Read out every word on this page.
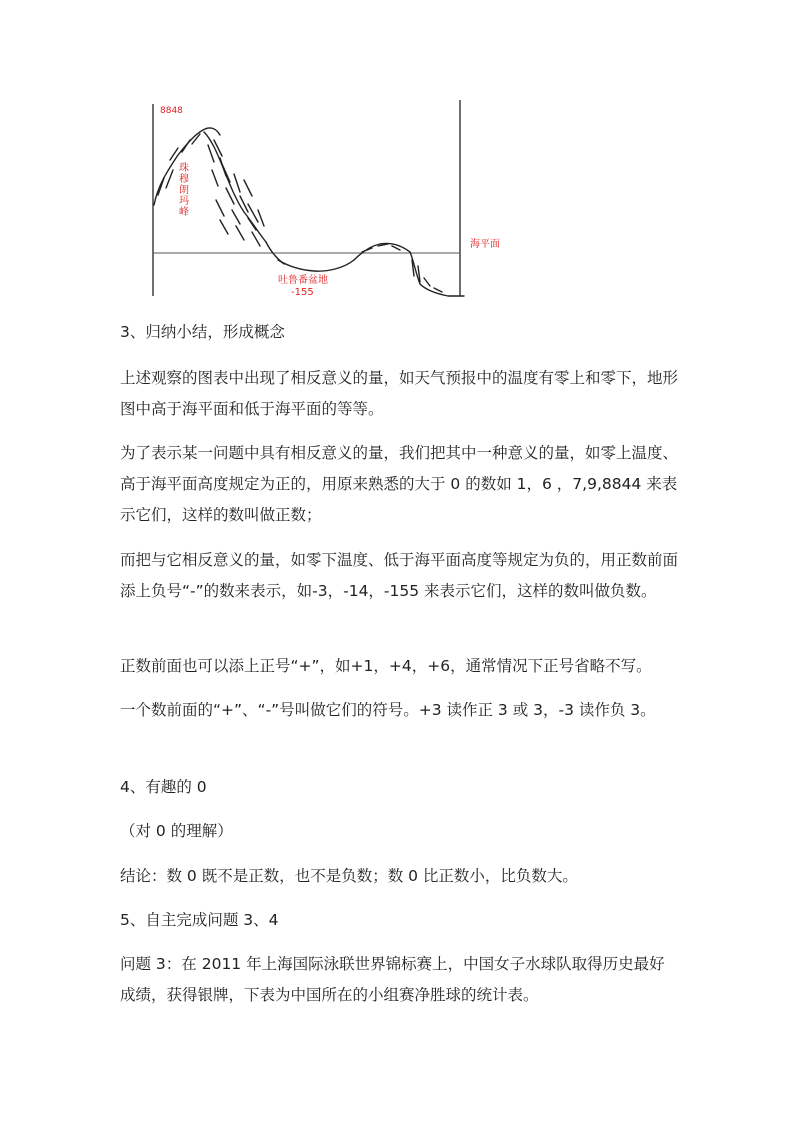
8848
珠穆朗玛峰
海平面
吐鲁番盆地
-155

3、归纳小结，形成概念

上述观察的图表中出现了相反意义的量，如天气预报中的温度有零上和零下，地形图中高于海平面和低于海平面的等等。

为了表示某一问题中具有相反意义的量，我们把其中一种意义的量，如零上温度、高于海平面高度规定为正的，用原来熟悉的大于 0 的数如 1，6 ，7,9,8844 来表示它们，这样的数叫做正数；

而把与它相反意义的量，如零下温度、低于海平面高度等规定为负的，用正数前面添上负号“-”的数来表示，如-3，-14，-155 来表示它们，这样的数叫做负数。

正数前面也可以添上正号“+”，如+1，+4，+6，通常情况下正号省略不写。

一个数前面的“+”、“-”号叫做它们的符号。+3 读作正 3 或 3，-3 读作负 3。

4、有趣的 0

（对 0 的理解）

结论：数 0 既不是正数，也不是负数；数 0 比正数小，比负数大。

5、自主完成问题 3、4

问题 3：在 2011 年上海国际泳联世界锦标赛上，中国女子水球队取得历史最好成绩，获得银牌，下表为中国所在的小组赛净胜球的统计表。
